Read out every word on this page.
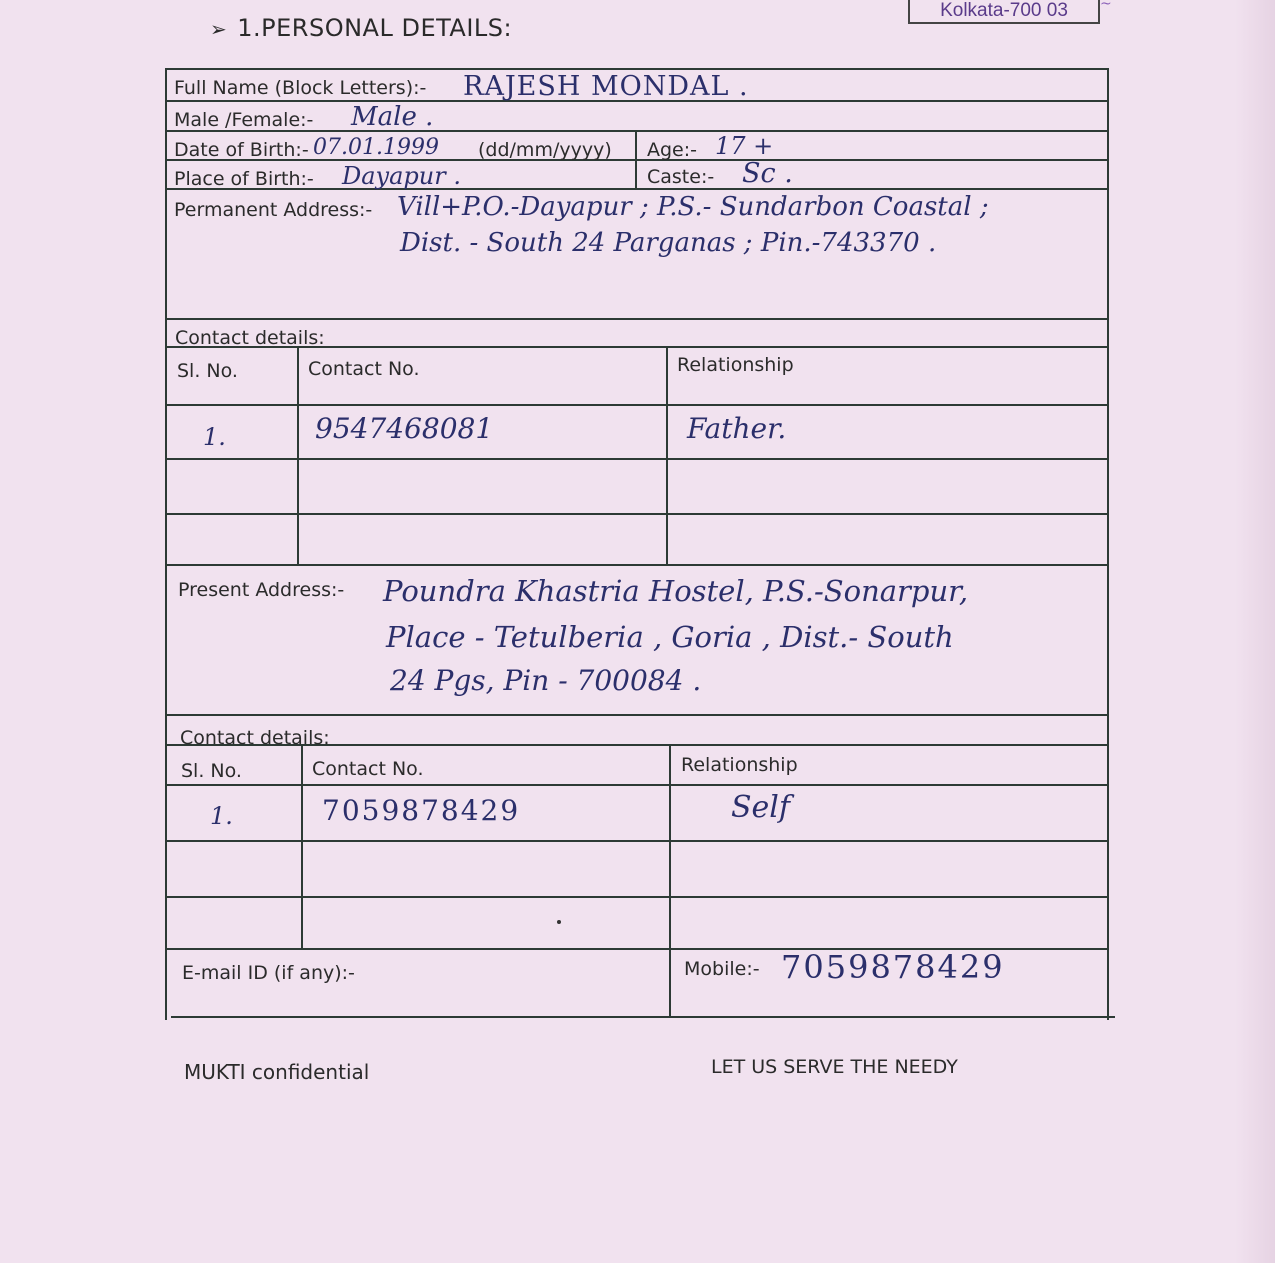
Kolkata-700 03	~
➢ 1.PERSONAL DETAILS:
Full Name (Block Letters):- RAJESH MONDAL .
Male /Female:- Male .
Date of Birth:- 07.01.1999 (dd/mm/yyyy) Age:- 17 +
Place of Birth:- Dayapur .	Caste:- Sc .
Permanent Address:- Vill+P.O.-Dayapur ; P.S.- Sundarbon Coastal ;
Dist. - South 24 Parganas ; Pin.-743370 .
Contact details:
Sl. No.	Contact No.	Relationship
1.	9547468081	Father.
Present Address:- Poundra Khastria Hostel, P.S.-Sonarpur,
Place - Tetulberia , Goria , Dist.- South
24 Pgs, Pin - 700084 .
Contact details:
Sl. No.	Contact No.	Relationship
1.	7059878429	Self
E-mail ID (if any):-	Mobile:- 7059878429
MUKTI confidential	LET US SERVE THE NEEDY
